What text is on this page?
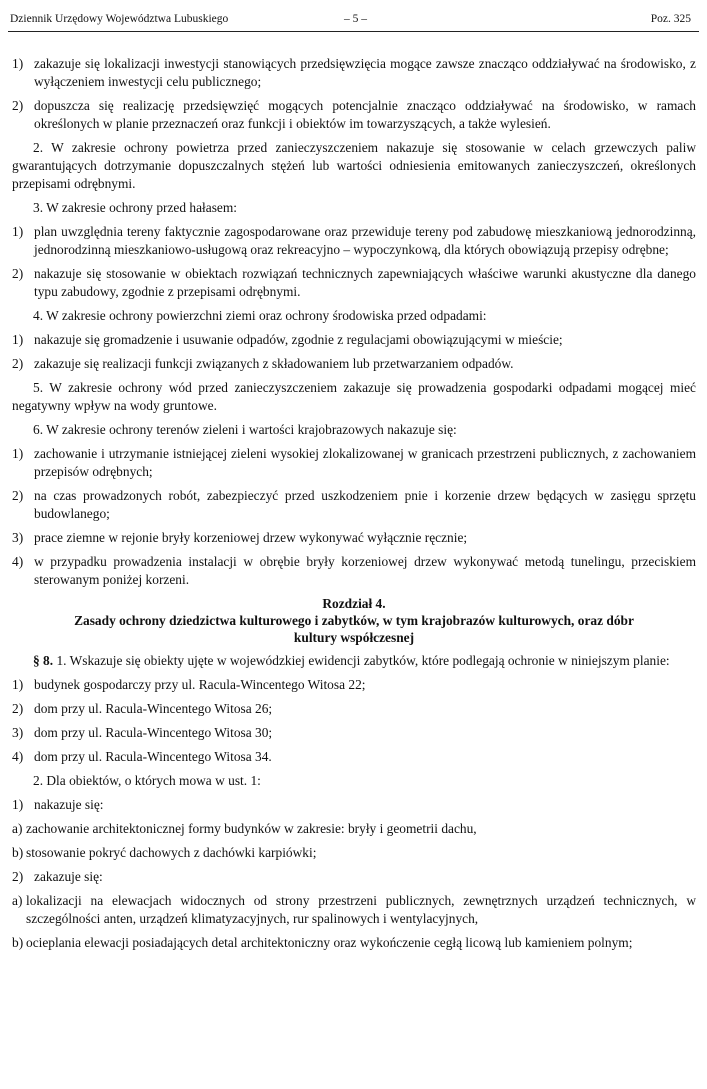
Dziennik Urzędowy Województwa Lubuskiego	– 5 –	Poz. 325

1) zakazuje się lokalizacji inwestycji stanowiących przedsięwzięcia mogące zawsze znacząco oddziaływać na środowisko, z wyłączeniem inwestycji celu publicznego;

2) dopuszcza się realizację przedsięwzięć mogących potencjalnie znacząco oddziaływać na środowisko, w ramach określonych w planie przeznaczeń oraz funkcji i obiektów im towarzyszących, a także wylesień.

2. W zakresie ochrony powietrza przed zanieczyszczeniem nakazuje się stosowanie w celach grzewczych paliw gwarantujących dotrzymanie dopuszczalnych stężeń lub wartości odniesienia emitowanych zanieczyszczeń, określonych przepisami odrębnymi.

3. W zakresie ochrony przed hałasem:

1) plan uwzględnia tereny faktycznie zagospodarowane oraz przewiduje tereny pod zabudowę mieszkaniową jednorodzinną, jednorodzinną mieszkaniowo-usługową oraz rekreacyjno – wypoczynkową, dla których obowiązują przepisy odrębne;

2) nakazuje się stosowanie w obiektach rozwiązań technicznych zapewniających właściwe warunki akustyczne dla danego typu zabudowy, zgodnie z przepisami odrębnymi.

4. W zakresie ochrony powierzchni ziemi oraz ochrony środowiska przed odpadami:

1) nakazuje się gromadzenie i usuwanie odpadów, zgodnie z regulacjami obowiązującymi w mieście;

2) zakazuje się realizacji funkcji związanych z składowaniem lub przetwarzaniem odpadów.

5. W zakresie ochrony wód przed zanieczyszczeniem zakazuje się prowadzenia gospodarki odpadami mogącej mieć negatywny wpływ na wody gruntowe.

6. W zakresie ochrony terenów zieleni i wartości krajobrazowych nakazuje się:

1) zachowanie i utrzymanie istniejącej zieleni wysokiej zlokalizowanej w granicach przestrzeni publicznych, z zachowaniem przepisów odrębnych;

2) na czas prowadzonych robót, zabezpieczyć przed uszkodzeniem pnie i korzenie drzew będących w zasięgu sprzętu budowlanego;

3) prace ziemne w rejonie bryły korzeniowej drzew wykonywać wyłącznie ręcznie;

4) w przypadku prowadzenia instalacji w obrębie bryły korzeniowej drzew wykonywać metodą tunelingu, przeciskiem sterowanym poniżej korzeni.

Rozdział 4.
Zasady ochrony dziedzictwa kulturowego i zabytków, w tym krajobrazów kulturowych, oraz dóbr
kultury współczesnej

§ 8. 1. Wskazuje się obiekty ujęte w wojewódzkiej ewidencji zabytków, które podlegają ochronie w niniejszym planie:

1) budynek gospodarczy przy ul. Racula-Wincentego Witosa 22;

2) dom przy ul. Racula-Wincentego Witosa 26;

3) dom przy ul. Racula-Wincentego Witosa 30;

4) dom przy ul. Racula-Wincentego Witosa 34.

2. Dla obiektów, o których mowa w ust. 1:

1) nakazuje się:

a) zachowanie architektonicznej formy budynków w zakresie: bryły i geometrii dachu,

b) stosowanie pokryć dachowych z dachówki karpiówki;

2) zakazuje się:

a) lokalizacji na elewacjach widocznych od strony przestrzeni publicznych, zewnętrznych urządzeń technicznych, w szczególności anten, urządzeń klimatyzacyjnych, rur spalinowych i wentylacyjnych,

b) ocieplania elewacji posiadających detal architektoniczny oraz wykończenie cegłą licową lub kamieniem polnym;
